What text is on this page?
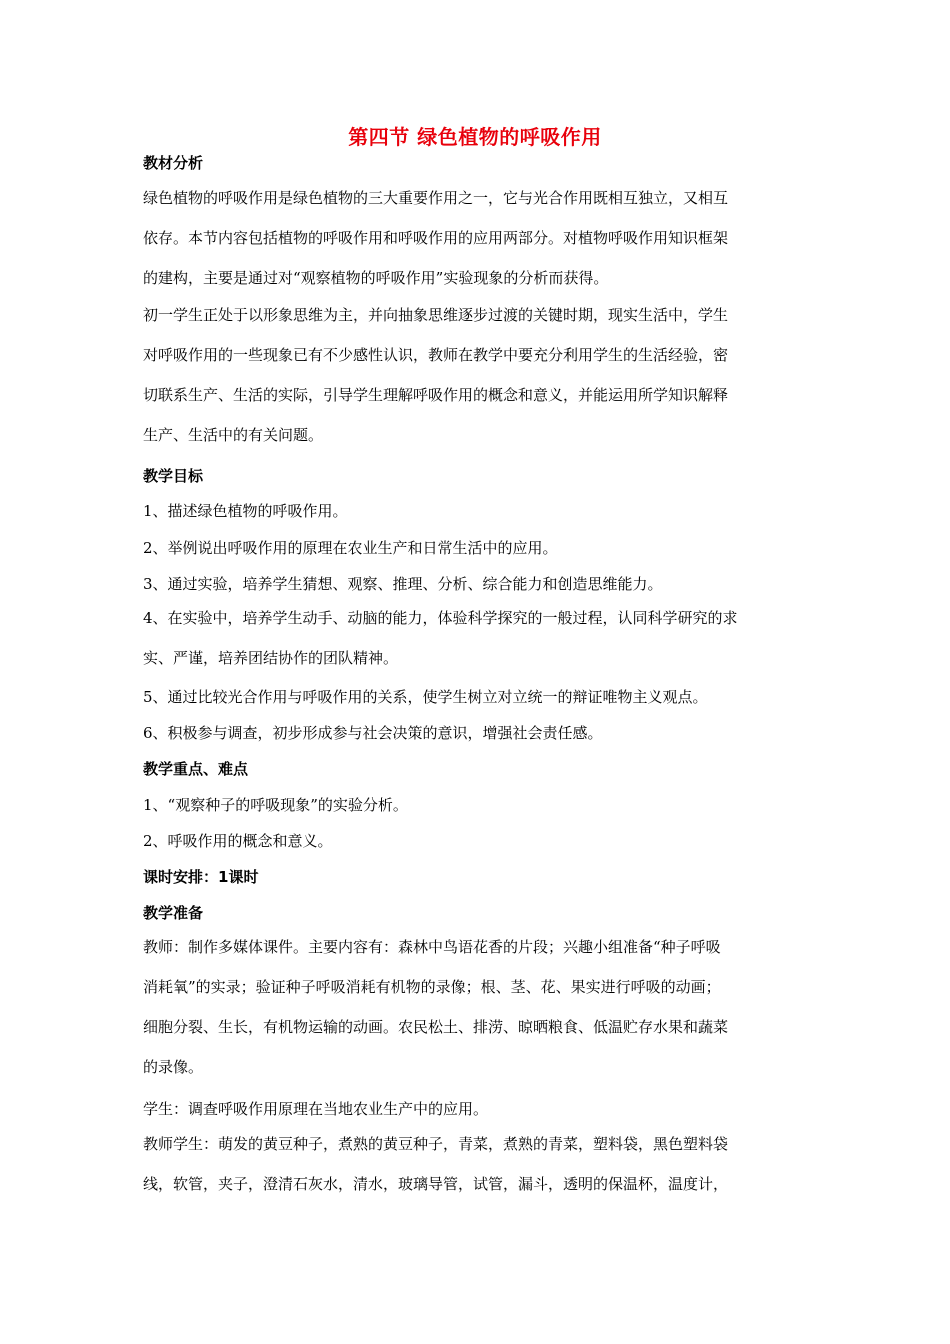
第四节 绿色植物的呼吸作用
教材分析
绿色植物的呼吸作用是绿色植物的三大重要作用之一，它与光合作用既相互独立，又相互
依存。本节内容包括植物的呼吸作用和呼吸作用的应用两部分。对植物呼吸作用知识框架
的建构，主要是通过对“观察植物的呼吸作用”实验现象的分析而获得。
初一学生正处于以形象思维为主，并向抽象思维逐步过渡的关键时期，现实生活中，学生
对呼吸作用的一些现象已有不少感性认识，教师在教学中要充分利用学生的生活经验，密
切联系生产、生活的实际，引导学生理解呼吸作用的概念和意义，并能运用所学知识解释
生产、生活中的有关问题。
教学目标
1、描述绿色植物的呼吸作用。
2、举例说出呼吸作用的原理在农业生产和日常生活中的应用。
3、通过实验，培养学生猜想、观察、推理、分析、综合能力和创造思维能力。
4、在实验中，培养学生动手、动脑的能力，体验科学探究的一般过程，认同科学研究的求
实、严谨，培养团结协作的团队精神。
5、通过比较光合作用与呼吸作用的关系，使学生树立对立统一的辩证唯物主义观点。
6、积极参与调查，初步形成参与社会决策的意识，增强社会责任感。
教学重点、难点
1、“观察种子的呼吸现象”的实验分析。
2、呼吸作用的概念和意义。
课时安排：1课时
教学准备
教师：制作多媒体课件。主要内容有：森林中鸟语花香的片段；兴趣小组准备“种子呼吸
消耗氧”的实录；验证种子呼吸消耗有机物的录像；根、茎、花、果实进行呼吸的动画；
细胞分裂、生长，有机物运输的动画。农民松土、排涝、晾晒粮食、低温贮存水果和蔬菜
的录像。
学生：调查呼吸作用原理在当地农业生产中的应用。
教师学生：萌发的黄豆种子，煮熟的黄豆种子，青菜，煮熟的青菜，塑料袋，黑色塑料袋
线，软管，夹子，澄清石灰水，清水，玻璃导管，试管，漏斗，透明的保温杯，温度计，
